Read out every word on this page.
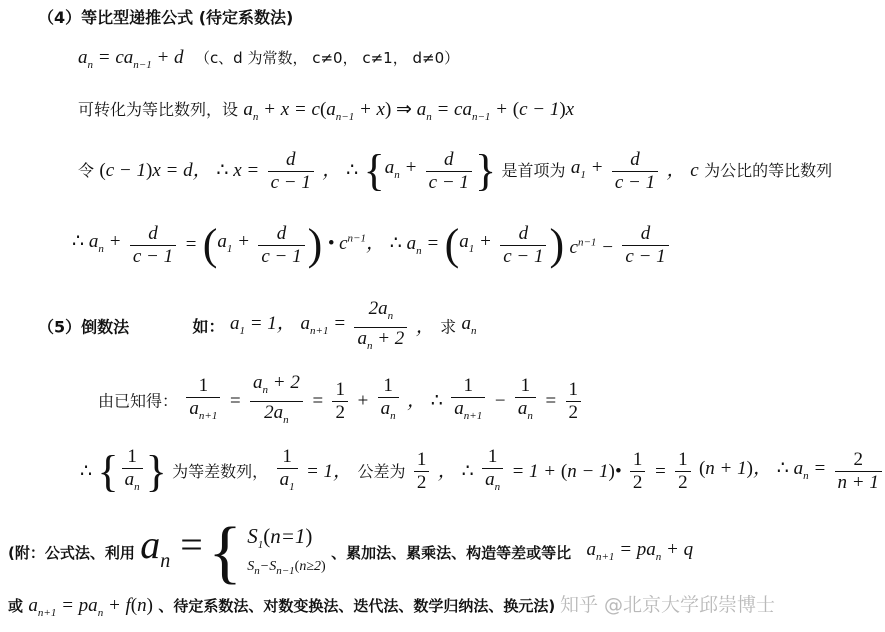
（4）等比型递推公式 (待定系数法)
$a_n = ca_{n-1} + d$ （c、d 为常数， c≠0， c≠1， d≠0）
可转化为等比数列，设 $a_n + x = c(a_{n-1} + x)$ ⇒ $a_n = ca_{n-1} + (c - 1)x$
令 (c − 1)x = d， ∴ $x = \frac{d}{c - 1}$ ， ∴ {$a_n + \frac{d}{c - 1}$ } 是首项为 $a_1 + \frac{d}{c - 1}$ ， c 为公比的等比数列
∴ $a_n + \frac{d}{c - 1} = (a_1 + \frac{d}{c - 1}$ ) • $c^{n-1}$， ∴ $a_n = (a_1 + \frac{d}{c - 1}$ ) $c^{n-1} - \frac{d}{c - 1}$
（5）倒数法	如： $a_1 = 1$， $a_{n+1} = \frac{2a_n}{a_n + 2}$ ， 求 $a_n$
由已知得： $\frac{1}{a_{n+1}} = \frac{a_n + 2}{2a_n} = \frac{1}{2} + \frac{1}{a_n}$ ， ∴ $\frac{1}{a_{n+1}} - \frac{1}{a_n} = \frac{1}{2}$
∴ { $\frac{1}{a_n}$ } 为等差数列， $\frac{1}{a_1} = 1$， 公差为 $\frac{1}{2}$ ， ∴ $\frac{1}{a_n} = 1 + (n$ − 1)• $\frac{1}{2} = \frac{1}{2} (n + 1)$， ∴ $a_n = \frac{2}{n + 1}$
(附：公式法、利用 $a_n$ = { $S_1(n=1)$
$S_n-S_{n-1}(n\ge 2)$
、累加法、累乘法、构造等差或等比 $a_{n+1} = pa_n + q$
或 $a_{n+1} = pa_n + f(n)$ 、待定系数法、对数变换法、迭代法、数学归纳法、换元法) 知乎 @北京大学邱崇博士
